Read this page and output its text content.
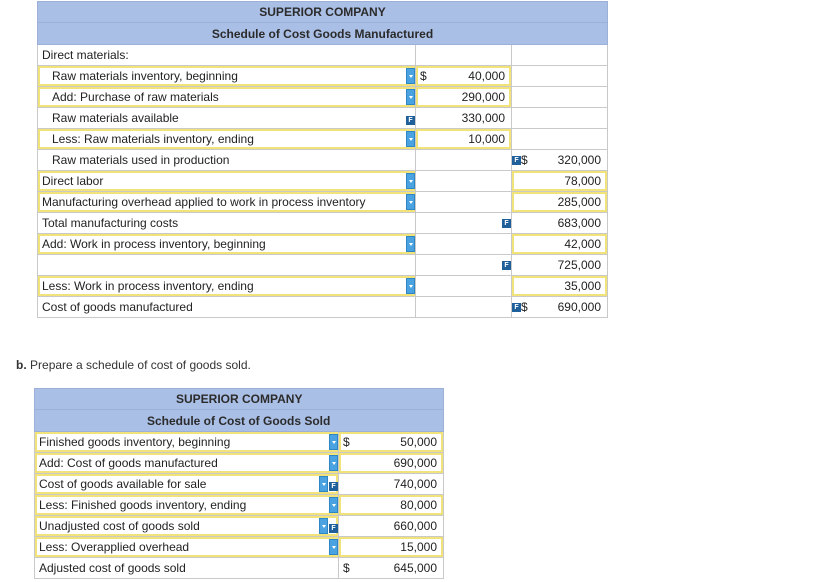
SUPERIOR COMPANY		
Schedule of Cost Goods Manufactured		
Direct materials:		
Raw materials inventory, beginning	$ 40,000	
Add: Purchase of raw materials	290,000	
Raw materials available F	330,000	
Less: Raw materials inventory, ending	10,000	
Raw materials used in production		F $ 320,000
Direct labor		78,000
Manufacturing overhead applied to work in process inventory		285,000
Total manufacturing costs	F	683,000
Add: Work in process inventory, beginning		42,000
	F	725,000
Less: Work in process inventory, ending		35,000
Cost of goods manufactured		F $ 690,000
b. Prepare a schedule of cost of goods sold.
SUPERIOR COMPANY	
Schedule of Cost of Goods Sold	
Finished goods inventory, beginning	$ 50,000
Add: Cost of goods manufactured	690,000
Cost of goods available for sale F	740,000
Less: Finished goods inventory, ending	80,000
Unadjusted cost of goods sold F	660,000
Less: Overapplied overhead	15,000
Adjusted cost of goods sold	$ 645,000
